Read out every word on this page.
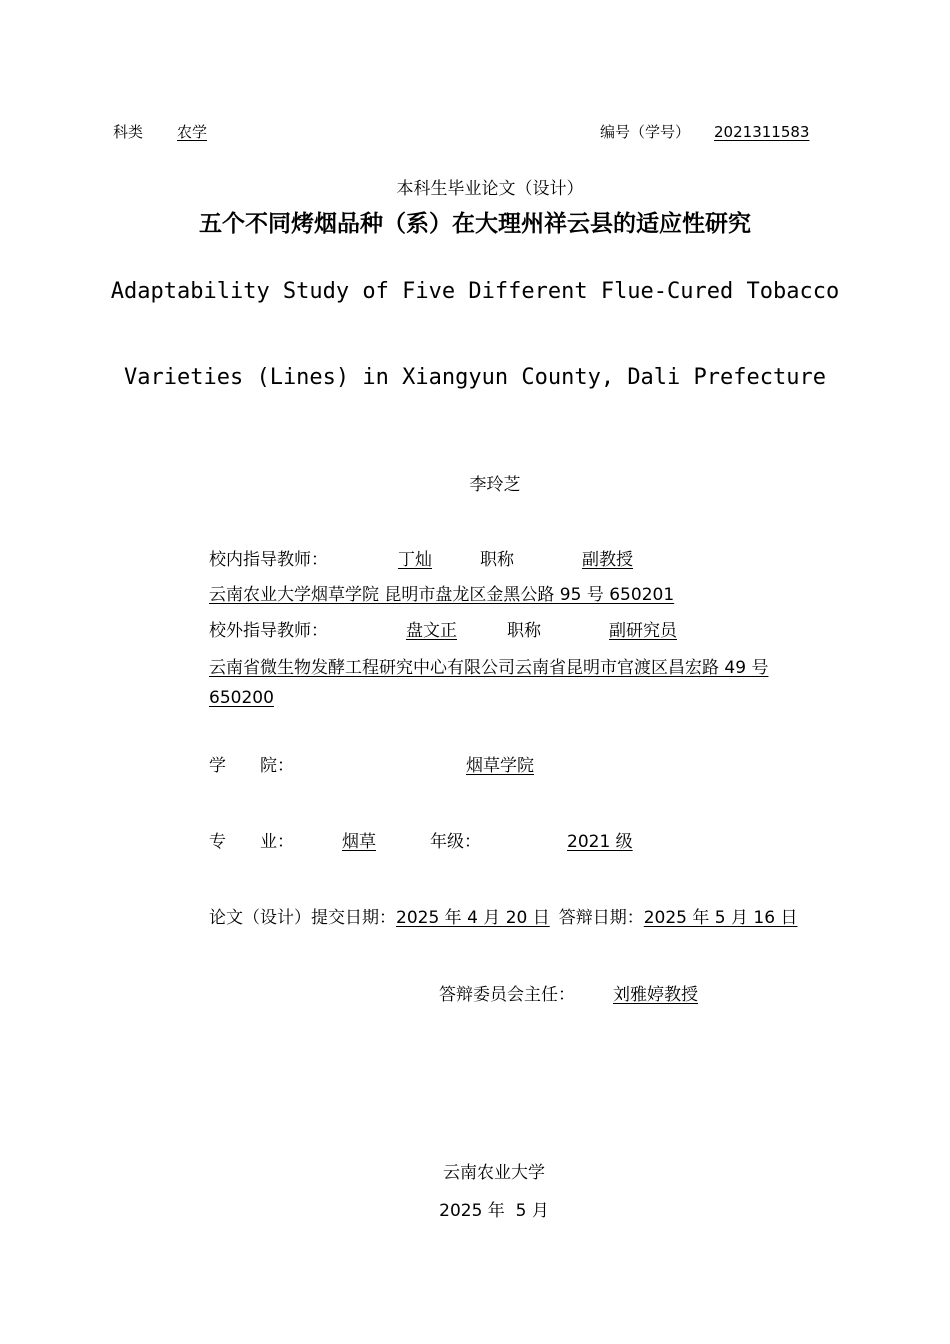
科类 农学	编号（学号） 2021311583
本科生毕业论文（设计）
五个不同烤烟品种（系）在大理州祥云县的适应性研究
Adaptability Study of Five Different Flue-Cured Tobacco
Varieties (Lines) in Xiangyun County, Dali Prefecture
李玲芝
校内指导教师：	丁灿	职称	副教授
云南农业大学烟草学院 昆明市盘龙区金黑公路 95 号 650201
校外指导教师：	盘文正	职称	副研究员
云南省微生物发酵工程研究中心有限公司云南省昆明市官渡区昌宏路 49 号
650200
学　　院：	烟草学院
专　　业：	烟草	年级：	2021 级
论文（设计）提交日期：2025 年 4 月 20 日 答辩日期：2025 年 5 月 16 日
答辩委员会主任： 刘雅婷教授
云南农业大学
2025 年  5 月
